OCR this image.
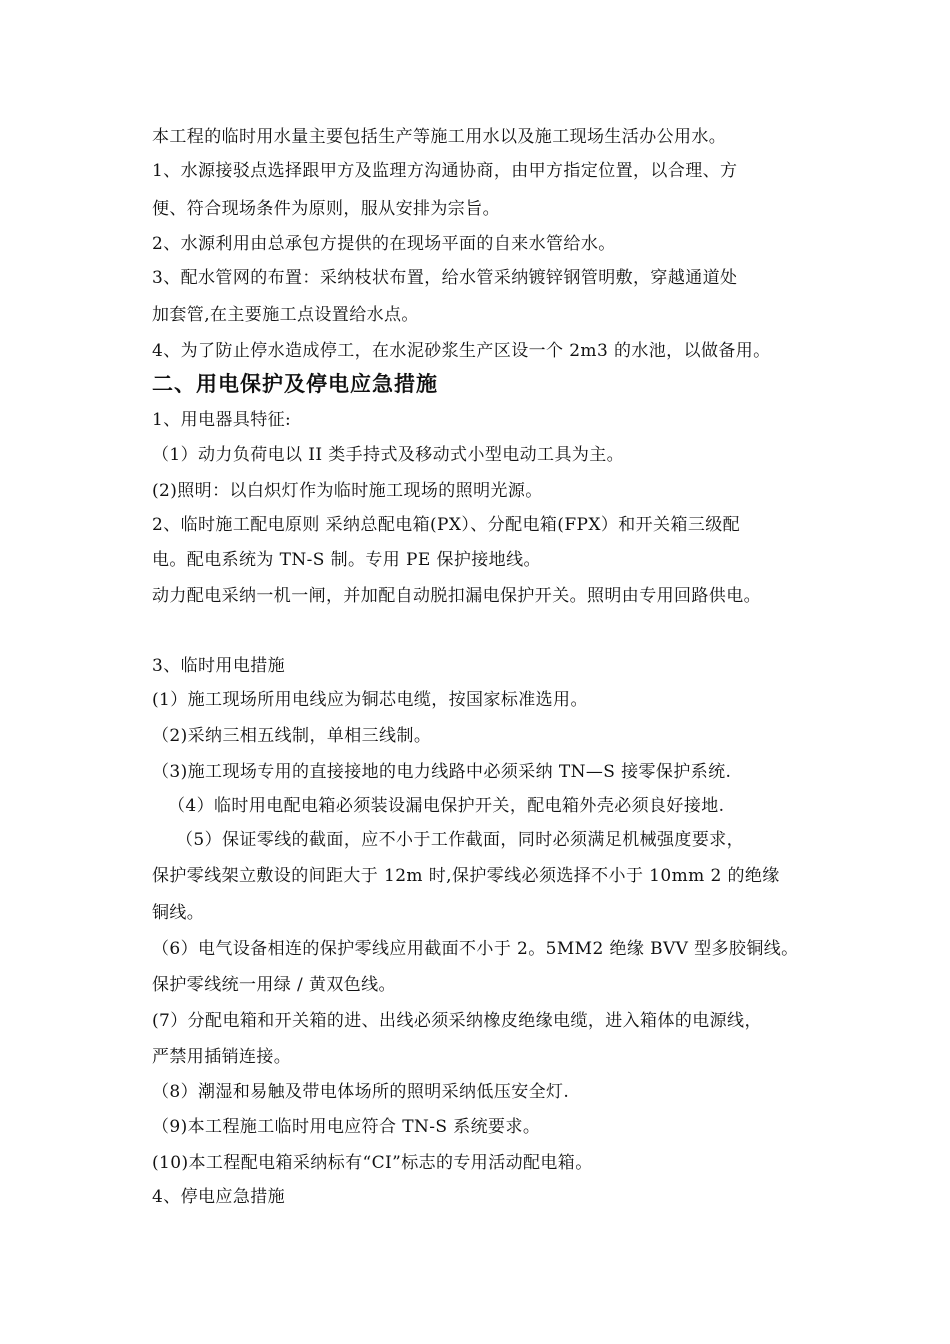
本工程的临时用水量主要包括生产等施工用水以及施工现场生活办公用水。
1、水源接驳点选择跟甲方及监理方沟通协商，由甲方指定位置，以合理、方
便、符合现场条件为原则，服从安排为宗旨。
2、水源利用由总承包方提供的在现场平面的自来水管给水。
3、配水管网的布置：采纳枝状布置，给水管采纳镀锌钢管明敷，穿越通道处
加套管,在主要施工点设置给水点。
4、为了防止停水造成停工，在水泥砂浆生产区设一个 2m3 的水池，以做备用。
二、用电保护及停电应急措施
1、用电器具特征:
（1）动力负荷电以 II 类手持式及移动式小型电动工具为主。
(2)照明：以白炽灯作为临时施工现场的照明光源。
2、临时施工配电原则 采纳总配电箱(PX）、分配电箱(FPX）和开关箱三级配
电。配电系统为 TN-S 制。专用 PE 保护接地线。
动力配电采纳一机一闸，并加配自动脱扣漏电保护开关。照明由专用回路供电。
3、临时用电措施
(1）施工现场所用电线应为铜芯电缆，按国家标准选用。
（2)采纳三相五线制，单相三线制。
（3)施工现场专用的直接接地的电力线路中必须采纳 TN—S 接零保护系统.
（4）临时用电配电箱必须装设漏电保护开关，配电箱外壳必须良好接地.
（5）保证零线的截面，应不小于工作截面，同时必须满足机械强度要求，
保护零线架立敷设的间距大于 12m 时,保护零线必须选择不小于 10mm 2 的绝缘
铜线。
（6）电气设备相连的保护零线应用截面不小于 2。5MM2 绝缘 BVV 型多胶铜线。
保护零线统一用绿 / 黄双色线。
(7）分配电箱和开关箱的进、出线必须采纳橡皮绝缘电缆，进入箱体的电源线，
严禁用插销连接。
（8）潮湿和易触及带电体场所的照明采纳低压安全灯.
（9)本工程施工临时用电应符合 TN-S 系统要求。
(10)本工程配电箱采纳标有“CI”标志的专用活动配电箱。
4、停电应急措施
